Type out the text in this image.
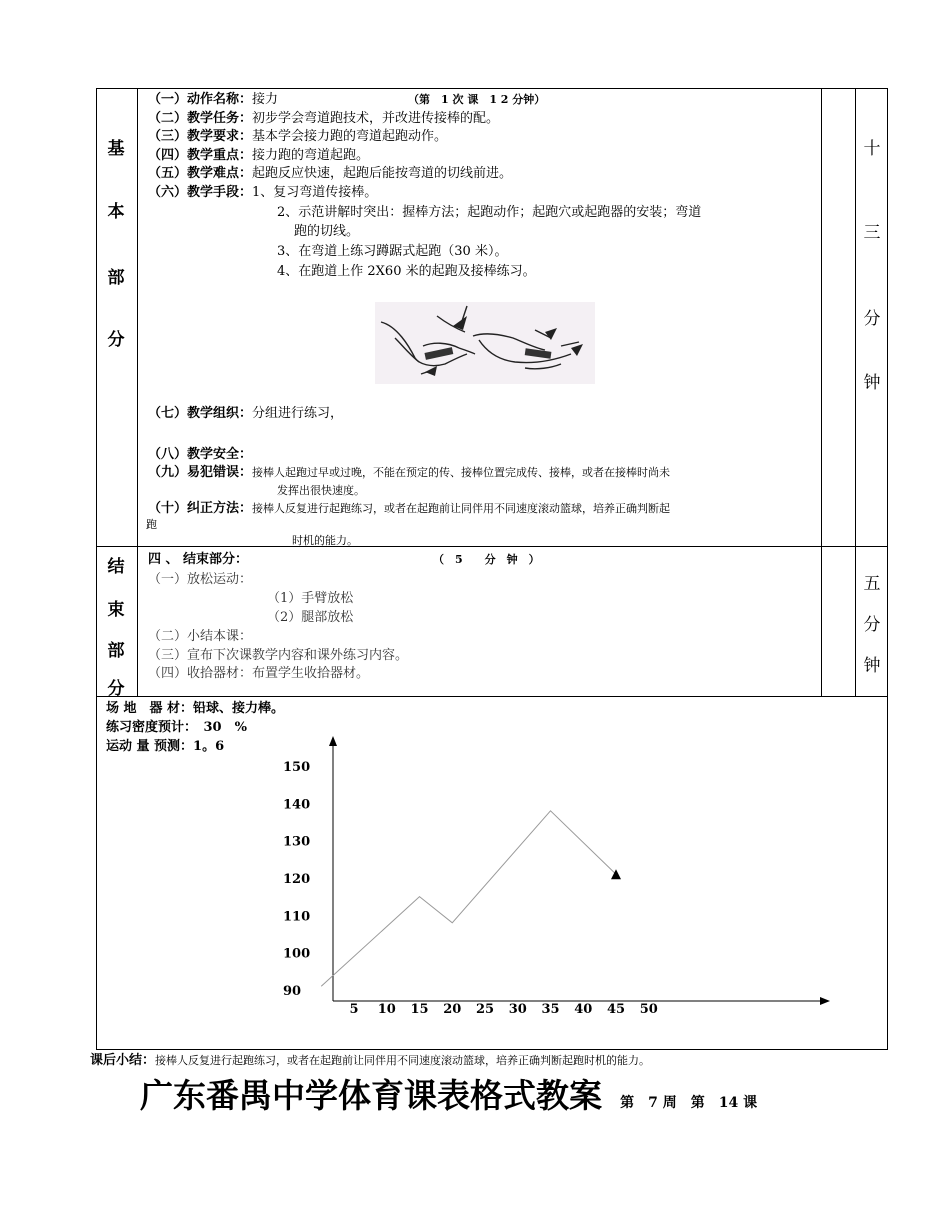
基
本
部
分
十
三
分
钟
（一）动作名称：接力	（第　1 次 课　1 2 分钟）
（二）教学任务：初步学会弯道跑技术，并改进传接棒的配。
（三）教学要求：基本学会接力跑的弯道起跑动作。
（四）教学重点：接力跑的弯道起跑。
（五）教学难点：起跑反应快速，起跑后能按弯道的切线前进。
（六）教学手段：1、复习弯道传接棒。
2、示范讲解时突出：握棒方法；起跑动作；起跑穴或起跑器的安装；弯道
跑的切线。
3、在弯道上练习蹲踞式起跑（30 米）。
4、在跑道上作 2X60 米的起跑及接棒练习。
（七）教学组织：分组进行练习，
（八）教学安全：
（九）易犯错误：接棒人起跑过早或过晚，不能在预定的传、接棒位置完成传、接棒，或者在接棒时尚未
发挥出很快速度。
（十）纠正方法：接棒人反复进行起跑练习，或者在起跑前让同伴用不同速度滚动篮球，培养正确判断起
跑
时机的能力。
结
束
部
分
五
分
钟
四 、 结束部分：	（　5　　分　钟　）
（一）放松运动：
（1）手臂放松
（2）腿部放松
（二）小结本课：
（三）宣布下次课教学内容和课外练习内容。
（四）收拾器材：布置学生收拾器材。
场 地　器 材：铅球、接力棒。
练习密度预计：　30　%
运动 量 预测：1。6
90
100
110
120
130
140
150
5 10 15 20 25 30 35 40 45 50
课后小结：接棒人反复进行起跑练习，或者在起跑前让同伴用不同速度滚动篮球，培养正确判断起跑时机的能力。
广东番禺中学体育课表格式教案 第　7 周　第　14 课
